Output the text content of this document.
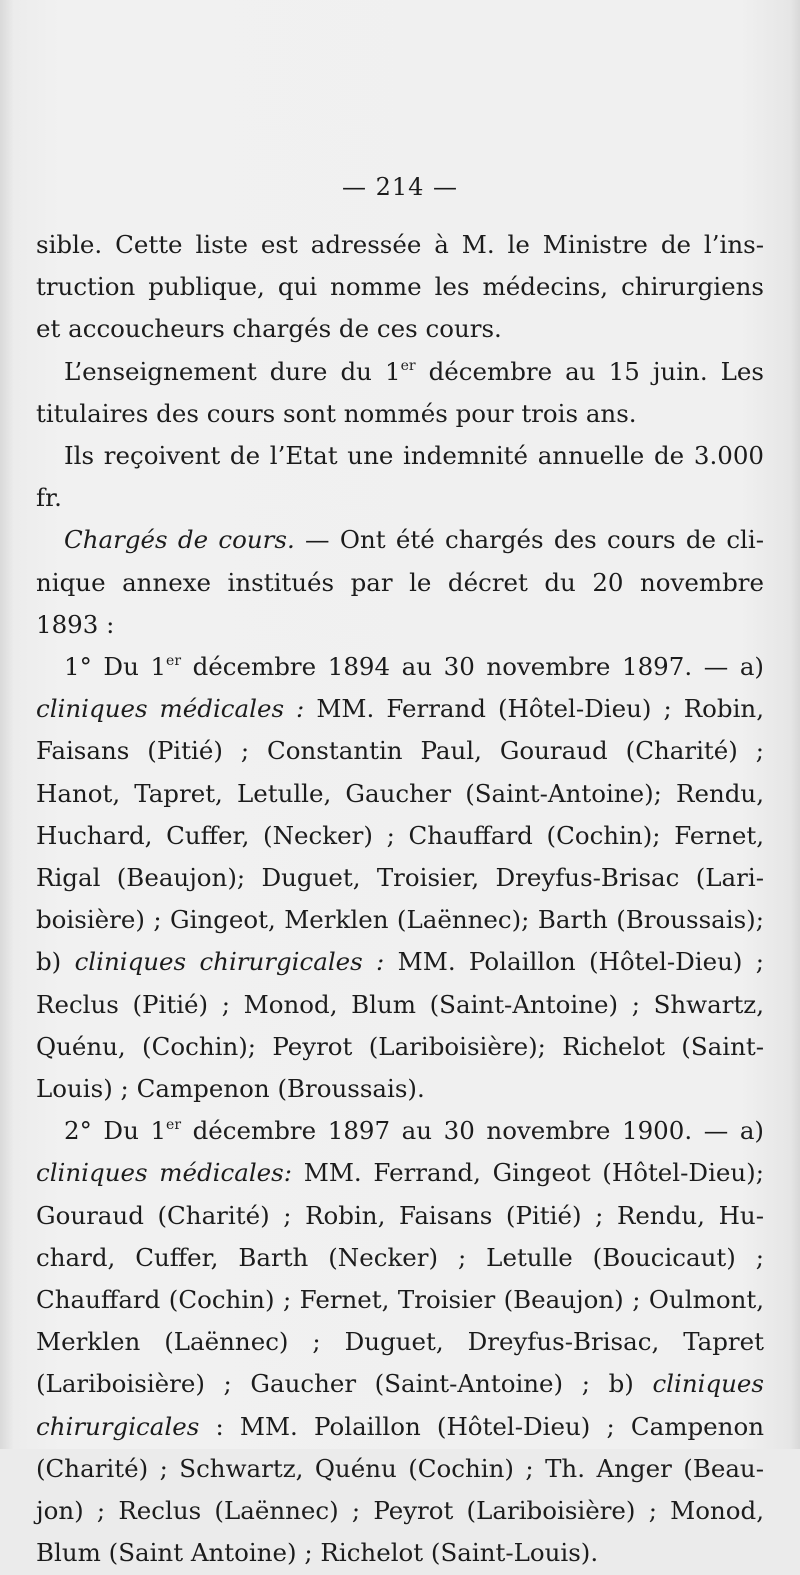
— 214 —

sible. Cette liste est adressée à M. le Ministre de l’instruction publique, qui nomme les médecins, chirurgiens et accoucheurs chargés de ces cours.

L’enseignement dure du 1er décembre au 15 juin. Les titulaires des cours sont nommés pour trois ans.

Ils reçoivent de l’Etat une indemnité annuelle de 3.000 fr.

Chargés de cours. — Ont été chargés des cours de clinique annexe institués par le décret du 20 novembre 1893 :

1° Du 1er décembre 1894 au 30 novembre 1897. — a) cliniques médicales : MM. Ferrand (Hôtel-Dieu) ; Robin, Faisans (Pitié) ; Constantin Paul, Gouraud (Charité) ; Hanot, Tapret, Letulle, Gaucher (Saint-Antoine); Rendu, Huchard, Cuffer, (Necker) ; Chauffard (Cochin); Fernet, Rigal (Beaujon); Duguet, Troisier, Dreyfus-Brisac (Lariboisière) ; Gingeot, Merklen (Laënnec); Barth (Broussais); b) cliniques chirurgicales : MM. Polaillon (Hôtel-Dieu) ; Reclus (Pitié) ; Monod, Blum (Saint-Antoine) ; Shwartz, Quénu, (Cochin); Peyrot (Lariboisière); Richelot (Saint-Louis) ; Campenon (Broussais).

2° Du 1er décembre 1897 au 30 novembre 1900. — a) cliniques médicales: MM. Ferrand, Gingeot (Hôtel-Dieu); Gouraud (Charité) ; Robin, Faisans (Pitié) ; Rendu, Huchard, Cuffer, Barth (Necker) ; Letulle (Boucicaut) ; Chauffard (Cochin) ; Fernet, Troisier (Beaujon) ; Oulmont, Merklen (Laënnec) ; Duguet, Dreyfus-Brisac, Tapret (Lariboisière) ; Gaucher (Saint-Antoine) ; b) cliniques chirurgicales : MM. Polaillon (Hôtel-Dieu) ; Campenon (Charité) ; Schwartz, Quénu (Cochin) ; Th. Anger (Beaujon) ; Reclus (Laënnec) ; Peyrot (Lariboisière) ; Monod, Blum (Saint Antoine) ; Richelot (Saint-Louis).
